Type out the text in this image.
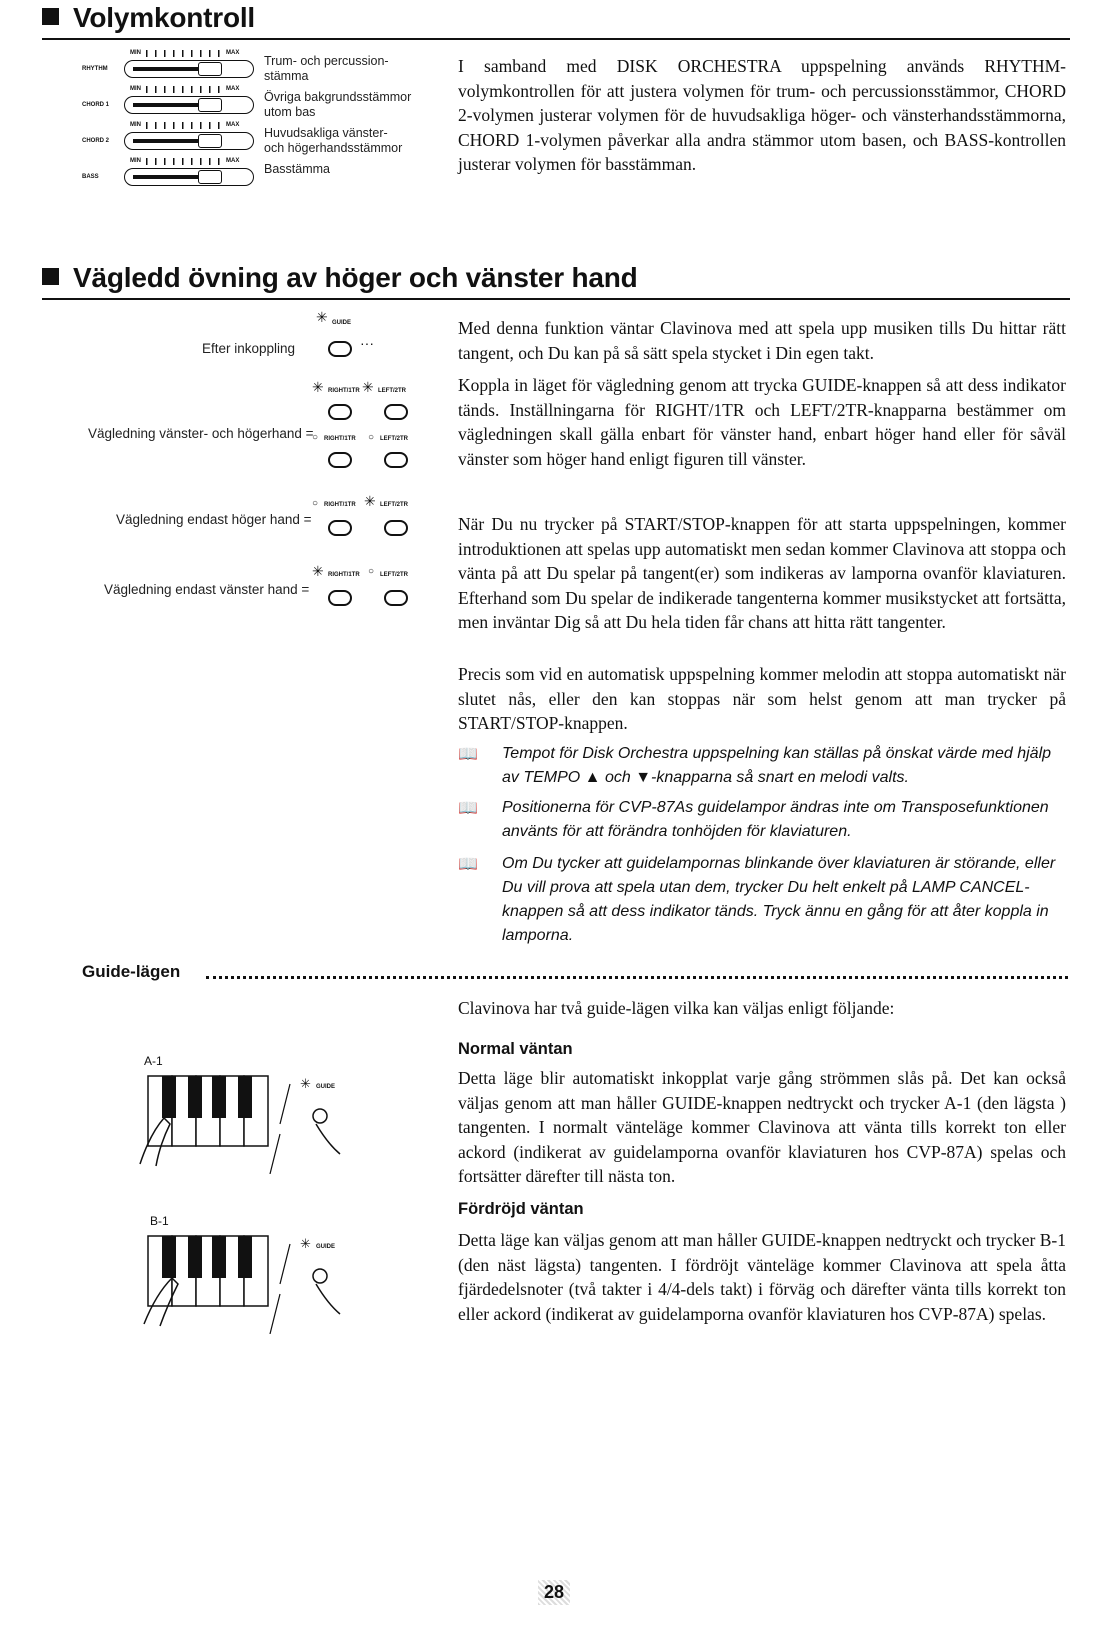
Volymkontroll
RHYTHM
MIN	MAX
Trum- och percussion-
stämma
CHORD 1
MIN	MAX
Övriga bakgrundsstämmor
utom bas
CHORD 2
MIN	MAX
Huvudsakliga vänster-
och högerhandsstämmor
BASS
MIN	MAX
Basstämma
I samband med DISK ORCHESTRA uppspelning används RHYTHM-volymkontrollen för att justera volymen för trum- och percussionsstämmor, CHORD 2-volymen justerar volymen för de huvudsakliga höger- och vänsterhandsstämmorna, CHORD 1-volymen påverkar alla andra stämmor utom basen, och BASS-kontrollen justerar volymen för basstämman.
Vägledd övning av höger och vänster hand
GUIDE
✳
Efter inkoppling	···
✳ RIGHT/1TR ✳ LEFT/2TR
Vägledning vänster- och högerhand =
○ RIGHT/1TR ○ LEFT/2TR
○ RIGHT/1TR ✳ LEFT/2TR
Vägledning endast höger hand =
✳ RIGHT/1TR ○ LEFT/2TR
Vägledning endast vänster hand =
Med denna funktion väntar Clavinova med att spela upp musiken tills Du hittar rätt tangent, och Du kan på så sätt spela stycket i Din egen takt.
Koppla in läget för vägledning genom att trycka GUIDE-knappen så att dess indikator tänds. Inställningarna för RIGHT/1TR och LEFT/2TR-knapparna bestämmer om vägledningen skall gälla enbart för vänster hand, enbart höger hand eller för såväl vänster som höger hand enligt figuren till vänster.
När Du nu trycker på START/STOP-knappen för att starta uppspelningen, kommer introduktionen att spelas upp automatiskt men sedan kommer Clavinova att stoppa och vänta på att Du spelar på tangent(er) som indikeras av lamporna ovanför klaviaturen. Efterhand som Du spelar de indikerade tangenterna kommer musikstycket att fortsätta, men inväntar Dig så att Du hela tiden får chans att hitta rätt tangenter.
Precis som vid en automatisk uppspelning kommer melodin att stoppa automatiskt när slutet nås, eller den kan stoppas när som helst genom att man trycker på START/STOP-knappen.
📖 Tempot för Disk Orchestra uppspelning kan ställas på önskat värde med hjälp av TEMPO ▲ och ▼-knapparna så snart en melodi valts.
📖 Positionerna för CVP-87As guidelampor ändras inte om Transposefunktionen använts för att förändra tonhöjden för klaviaturen.
📖 Om Du tycker att guidelampornas blinkande över klaviaturen är störande, eller Du vill prova att spela utan dem, trycker Du helt enkelt på LAMP CANCEL-knappen så att dess indikator tänds. Tryck ännu en gång för att åter koppla in lamporna.
Guide-lägen
Clavinova har två guide-lägen vilka kan väljas enligt följande:
Normal väntan
Detta läge blir automatiskt inkopplat varje gång strömmen slås på. Det kan också väljas genom att man håller GUIDE-knappen nedtryckt och trycker A-1 (den lägsta ) tangenten. I normalt vänteläge kommer Clavinova att vänta tills korrekt ton eller ackord (indikerat av guidelamporna ovanför klaviaturen hos CVP-87A) spelas och fortsätter därefter till nästa ton.
Fördröjd väntan
Detta läge kan väljas genom att man håller GUIDE-knappen nedtryckt och trycker B-1 (den näst lägsta) tangenten. I fördröjt vänteläge kommer Clavinova att spela åtta fjärdedelsnoter (två takter i 4/4-dels takt) i förväg och därefter vänta tills korrekt ton eller ackord (indikerat av guidelamporna ovanför klaviaturen hos CVP-87A) spelas.
A-1
✳ GUIDE
B-1
✳ GUIDE
28
